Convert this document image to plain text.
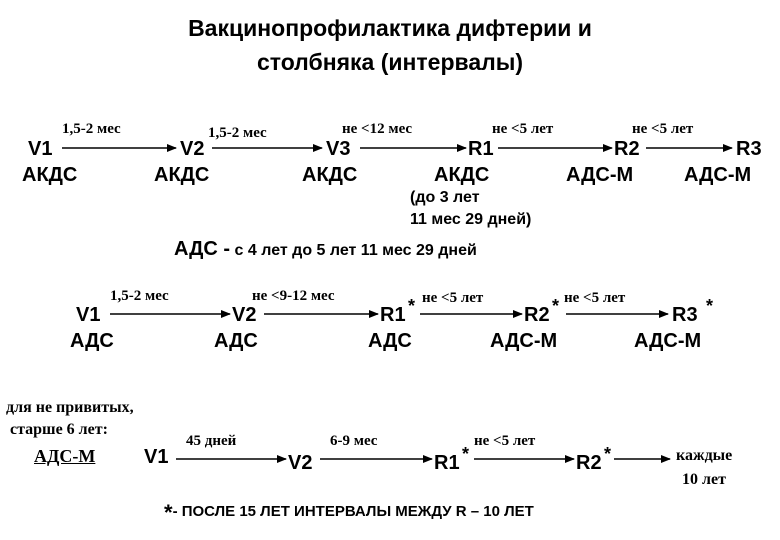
Вакцинопрофилактика дифтерии и
столбняка (интервалы)
1,5-2 мес	1,5-2 мес	не <12 мес	не <5 лет	не <5 лет
V1	V2	V3	R1	R2	R3
АКДС	АКДС	АКДС	АКДС	АДС-М	АДС-М
(до 3 лет
11 мес 29 дней)
АДС - с 4 лет до 5 лет 11 мес 29 дней
1,5-2 мес	не <9-12 мес	не <5 лет	не <5 лет
V1	V2	R1 *	R2 *	R3 *
АДС	АДС	АДС	АДС-М	АДС-М
для не привитых,
старше 6 лет:
АДС-М
45 дней	6-9 мес	не <5 лет
V1	V2	R1 *	R2 *	каждые
10 лет
*- ПОСЛЕ 15 ЛЕТ ИНТЕРВАЛЫ МЕЖДУ R – 10 ЛЕТ
